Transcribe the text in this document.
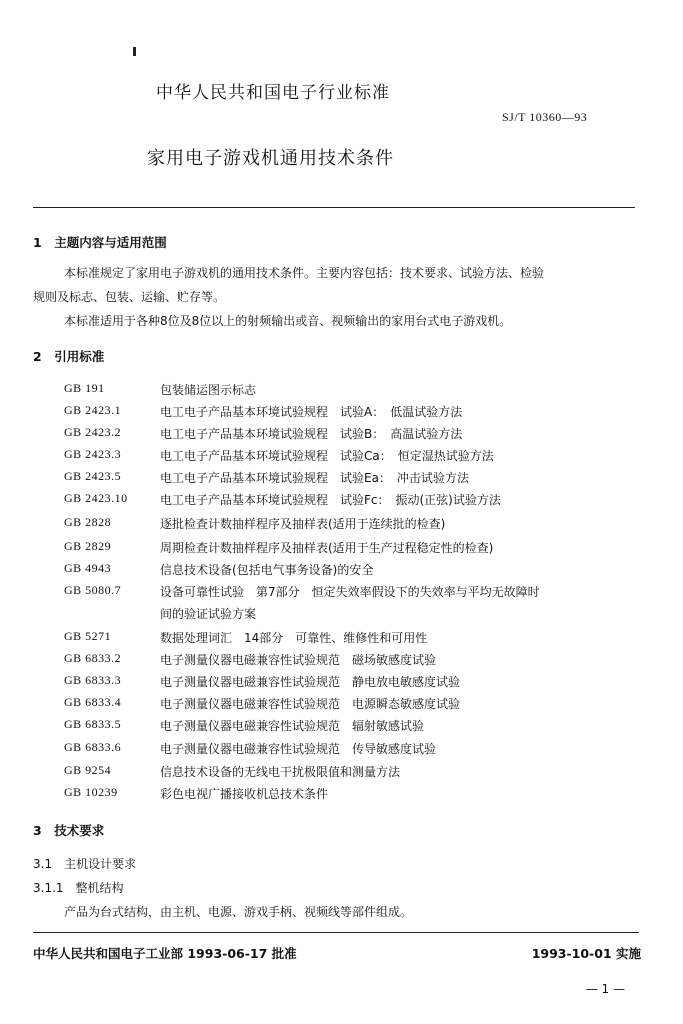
中华人民共和国电子行业标准
SJ/T 10360—93
家用电子游戏机通用技术条件
1　主题内容与适用范围
本标准规定了家用电子游戏机的通用技术条件。主要内容包括：技术要求、试验方法、检验
规则及标志、包装、运输、贮存等。
本标准适用于各种8位及8位以上的射频输出或音、视频输出的家用台式电子游戏机。
2　引用标准
GB 191	包装储运图示标志
GB 2423.1	电工电子产品基本环境试验规程　试验A：　低温试验方法
GB 2423.2	电工电子产品基本环境试验规程　试验B：　高温试验方法
GB 2423.3	电工电子产品基本环境试验规程　试验Ca：　恒定湿热试验方法
GB 2423.5	电工电子产品基本环境试验规程　试验Ea：　冲击试验方法
GB 2423.10	电工电子产品基本环境试验规程　试验Fc：　振动(正弦)试验方法
GB 2828	逐批检查计数抽样程序及抽样表(适用于连续批的检查)
GB 2829	周期检查计数抽样程序及抽样表(适用于生产过程稳定性的检查)
GB 4943	信息技术设备(包括电气事务设备)的安全
GB 5080.7	设备可靠性试验　第7部分　恒定失效率假设下的失效率与平均无故障时
间的验证试验方案
GB 5271	数据处理词汇　14部分　可靠性、维修性和可用性
GB 6833.2	电子测量仪器电磁兼容性试验规范　磁场敏感度试验
GB 6833.3	电子测量仪器电磁兼容性试验规范　静电放电敏感度试验
GB 6833.4	电子测量仪器电磁兼容性试验规范　电源瞬态敏感度试验
GB 6833.5	电子测量仪器电磁兼容性试验规范　辐射敏感试验
GB 6833.6	电子测量仪器电磁兼容性试验规范　传导敏感度试验
GB 9254	信息技术设备的无线电干扰极限值和测量方法
GB 10239	彩色电视广播接收机总技术条件
3　技术要求
3.1　主机设计要求
3.1.1　整机结构
产品为台式结构，由主机、电源、游戏手柄、视频线等部件组成。
中华人民共和国电子工业部 1993-06-17 批准	1993-10-01 实施
— 1 —
